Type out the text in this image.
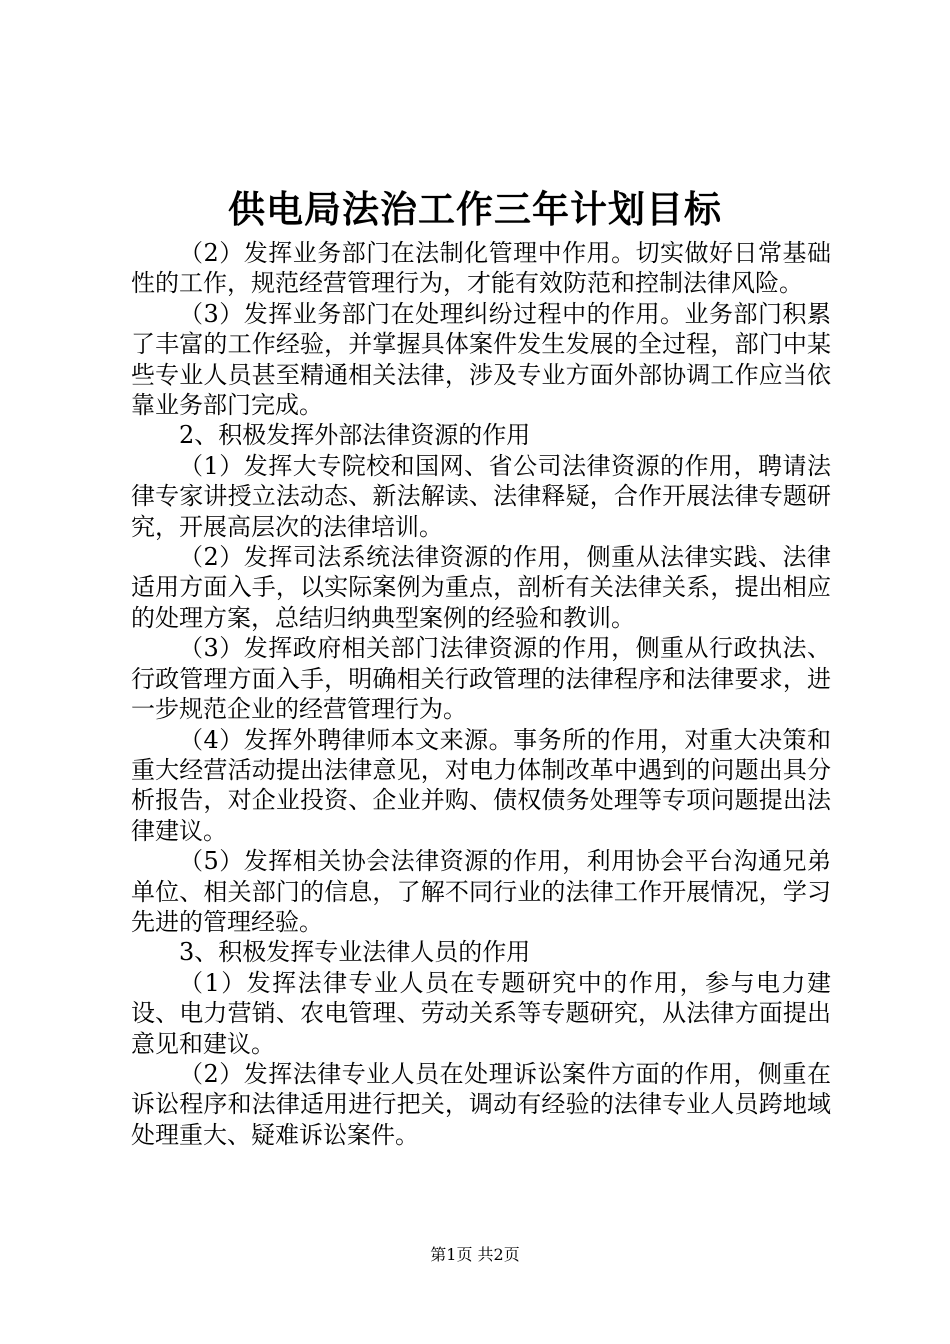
供电局法治工作三年计划目标

（2）发挥业务部门在法制化管理中作用。切实做好日常基础性的工作，规范经营管理行为，才能有效防范和控制法律风险。

（3）发挥业务部门在处理纠纷过程中的作用。业务部门积累了丰富的工作经验，并掌握具体案件发生发展的全过程，部门中某些专业人员甚至精通相关法律，涉及专业方面外部协调工作应当依靠业务部门完成。

2、积极发挥外部法律资源的作用

（1）发挥大专院校和国网、省公司法律资源的作用，聘请法律专家讲授立法动态、新法解读、法律释疑，合作开展法律专题研究，开展高层次的法律培训。

（2）发挥司法系统法律资源的作用，侧重从法律实践、法律适用方面入手，以实际案例为重点，剖析有关法律关系，提出相应的处理方案，总结归纳典型案例的经验和教训。

（3）发挥政府相关部门法律资源的作用，侧重从行政执法、行政管理方面入手，明确相关行政管理的法律程序和法律要求，进一步规范企业的经营管理行为。

（4）发挥外聘律师本文来源。事务所的作用，对重大决策和重大经营活动提出法律意见，对电力体制改革中遇到的问题出具分析报告，对企业投资、企业并购、债权债务处理等专项问题提出法律建议。

（5）发挥相关协会法律资源的作用，利用协会平台沟通兄弟单位、相关部门的信息，了解不同行业的法律工作开展情况，学习先进的管理经验。

3、积极发挥专业法律人员的作用

（1）发挥法律专业人员在专题研究中的作用，参与电力建设、电力营销、农电管理、劳动关系等专题研究，从法律方面提出意见和建议。

（2）发挥法律专业人员在处理诉讼案件方面的作用，侧重在诉讼程序和法律适用进行把关，调动有经验的法律专业人员跨地域处理重大、疑难诉讼案件。

第1页 共2页
